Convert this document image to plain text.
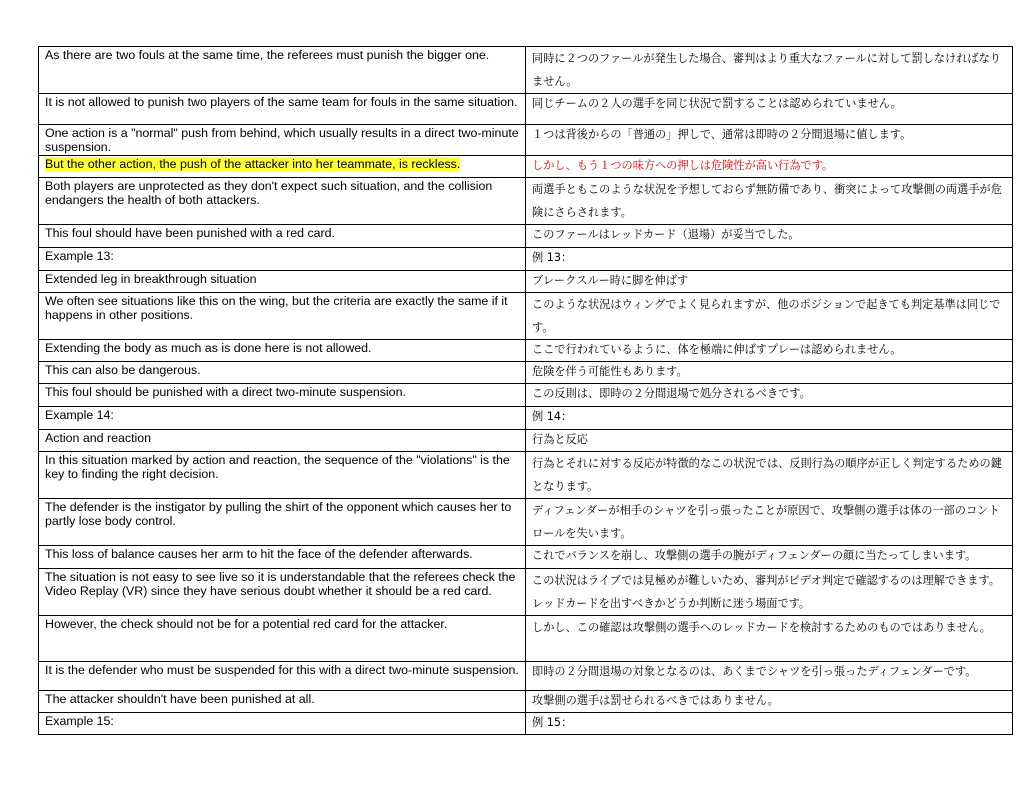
As there are two fouls at the same time, the referees must punish the bigger one.	同時に２つのファールが発生した場合、審判はより重大なファールに対して罰しなければなりません。
It is not allowed to punish two players of the same team for fouls in the same situation.	同じチームの２人の選手を同じ状況で罰することは認められていません。
One action is a "normal" push from behind, which usually results in a direct two-minute suspension.	１つは背後からの「普通の」押しで、通常は即時の２分間退場に値します。
But the other action, the push of the attacker into her teammate, is reckless.	しかし、もう１つの味方への押しは危険性が高い行為です。
Both players are unprotected as they don't expect such situation, and the collision endangers the health of both attackers.	両選手ともこのような状況を予想しておらず無防備であり、衝突によって攻撃側の両選手が危険にさらされます。
This foul should have been punished with a red card.	このファールはレッドカード（退場）が妥当でした。
Example 13:	例 13：
Extended leg in breakthrough situation	ブレークスルー時に脚を伸ばす
We often see situations like this on the wing, but the criteria are exactly the same if it happens in other positions.	このような状況はウィングでよく見られますが、他のポジションで起きても判定基準は同じです。
Extending the body as much as is done here is not allowed.	ここで行われているように、体を極端に伸ばすプレーは認められません。
This can also be dangerous.	危険を伴う可能性もあります。
This foul should be punished with a direct two-minute suspension.	この反則は、即時の２分間退場で処分されるべきです。
Example 14:	例 14：
Action and reaction	行為と反応
In this situation marked by action and reaction, the sequence of the "violations" is the key to finding the right decision.	行為とそれに対する反応が特徴的なこの状況では、反則行為の順序が正しく判定するための鍵となります。
The defender is the instigator by pulling the shirt of the opponent which causes her to partly lose body control.	ディフェンダーが相手のシャツを引っ張ったことが原因で、攻撃側の選手は体の一部のコントロールを失います。
This loss of balance causes her arm to hit the face of the defender afterwards.	これでバランスを崩し、攻撃側の選手の腕がディフェンダーの顔に当たってしまいます。
The situation is not easy to see live so it is understandable that the referees check the Video Replay (VR) since they have serious doubt whether it should be a red card.	この状況はライブでは見極めが難しいため、審判がビデオ判定で確認するのは理解できます。レッドカードを出すべきかどうか判断に迷う場面です。
However, the check should not be for a potential red card for the attacker.	しかし、この確認は攻撃側の選手へのレッドカードを検討するためのものではありません。
It is the defender who must be suspended for this with a direct two-minute suspension.	即時の２分間退場の対象となるのは、あくまでシャツを引っ張ったディフェンダーです。
The attacker shouldn't have been punished at all.	攻撃側の選手は罰せられるべきではありません。
Example 15:	例 15：
